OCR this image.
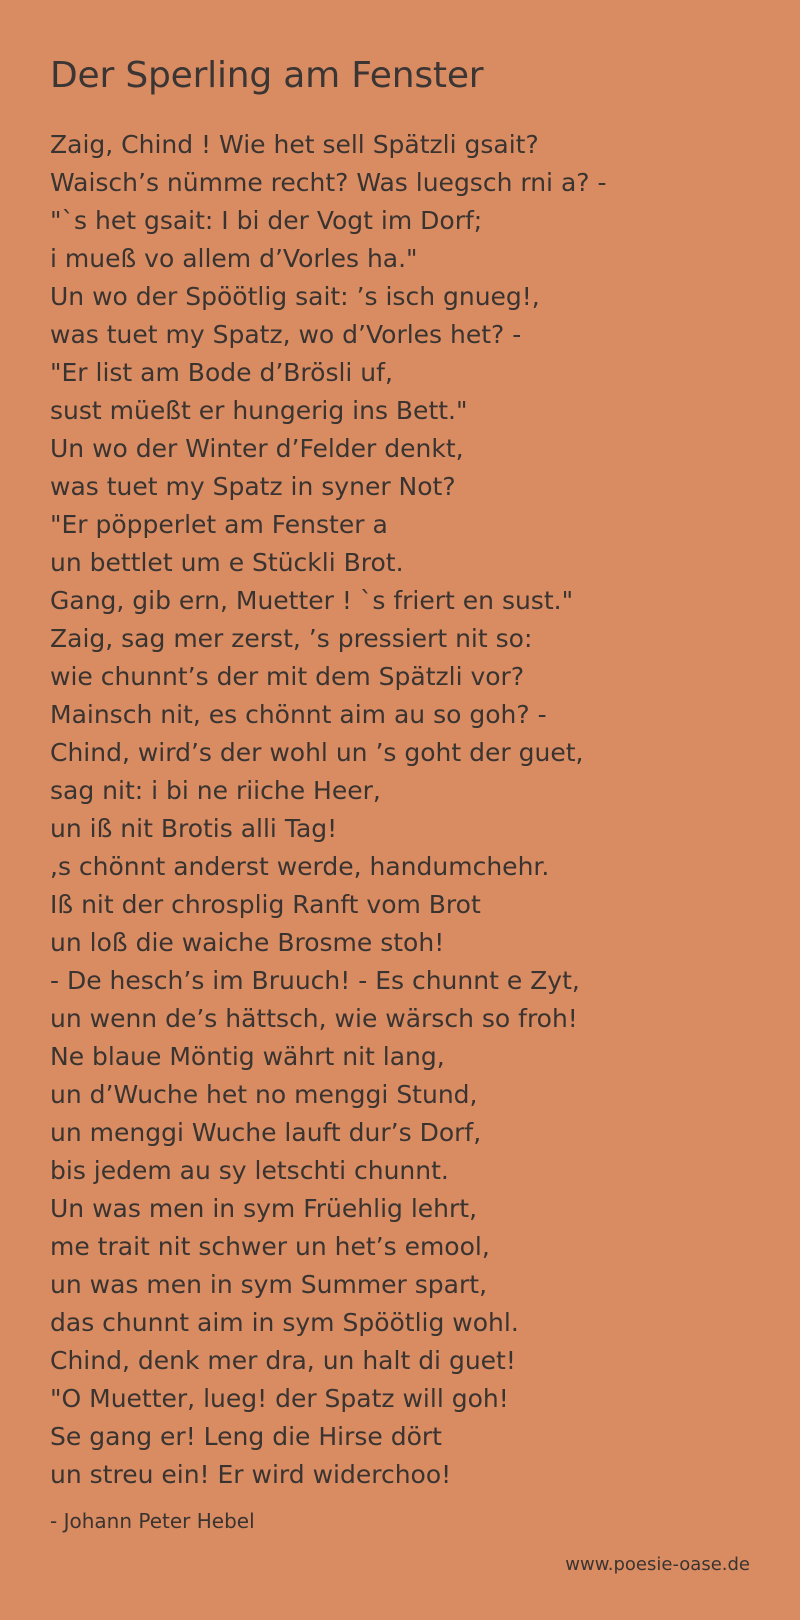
Der Sperling am Fenster
Zaig, Chind ! Wie het sell Spätzli gsait?
Waisch’s nümme recht? Was luegsch rni a? -
"`s het gsait: I bi der Vogt im Dorf;
i mueß vo allem d’Vorles ha."
Un wo der Spöötlig sait: ’s isch gnueg!,
was tuet my Spatz, wo d’Vorles het? -
"Er list am Bode d’Brösli uf,
sust müeßt er hungerig ins Bett."
Un wo der Winter d’Felder denkt,
was tuet my Spatz in syner Not?
"Er pöpperlet am Fenster a
un bettlet um e Stückli Brot.
Gang, gib ern, Muetter ! `s friert en sust."
Zaig, sag mer zerst, ’s pressiert nit so:
wie chunnt’s der mit dem Spätzli vor?
Mainsch nit, es chönnt aim au so goh? -
Chind, wird’s der wohl un ’s goht der guet,
sag nit: i bi ne riiche Heer,
un iß nit Brotis alli Tag!
,s chönnt anderst werde, handumchehr.
Iß nit der chrosplig Ranft vom Brot
un loß die waiche Brosme stoh!
- De hesch’s im Bruuch! - Es chunnt e Zyt,
un wenn de’s hättsch, wie wärsch so froh!
Ne blaue Möntig währt nit lang,
un d’Wuche het no menggi Stund,
un menggi Wuche lauft dur’s Dorf,
bis jedem au sy letschti chunnt.
Un was men in sym Früehlig lehrt,
me trait nit schwer un het’s emool,
un was men in sym Summer spart,
das chunnt aim in sym Spöötlig wohl.
Chind, denk mer dra, un halt di guet!
"O Muetter, lueg! der Spatz will goh!
Se gang er! Leng die Hirse dört
un streu ein! Er wird widerchoo!
- Johann Peter Hebel
www.poesie-oase.de
